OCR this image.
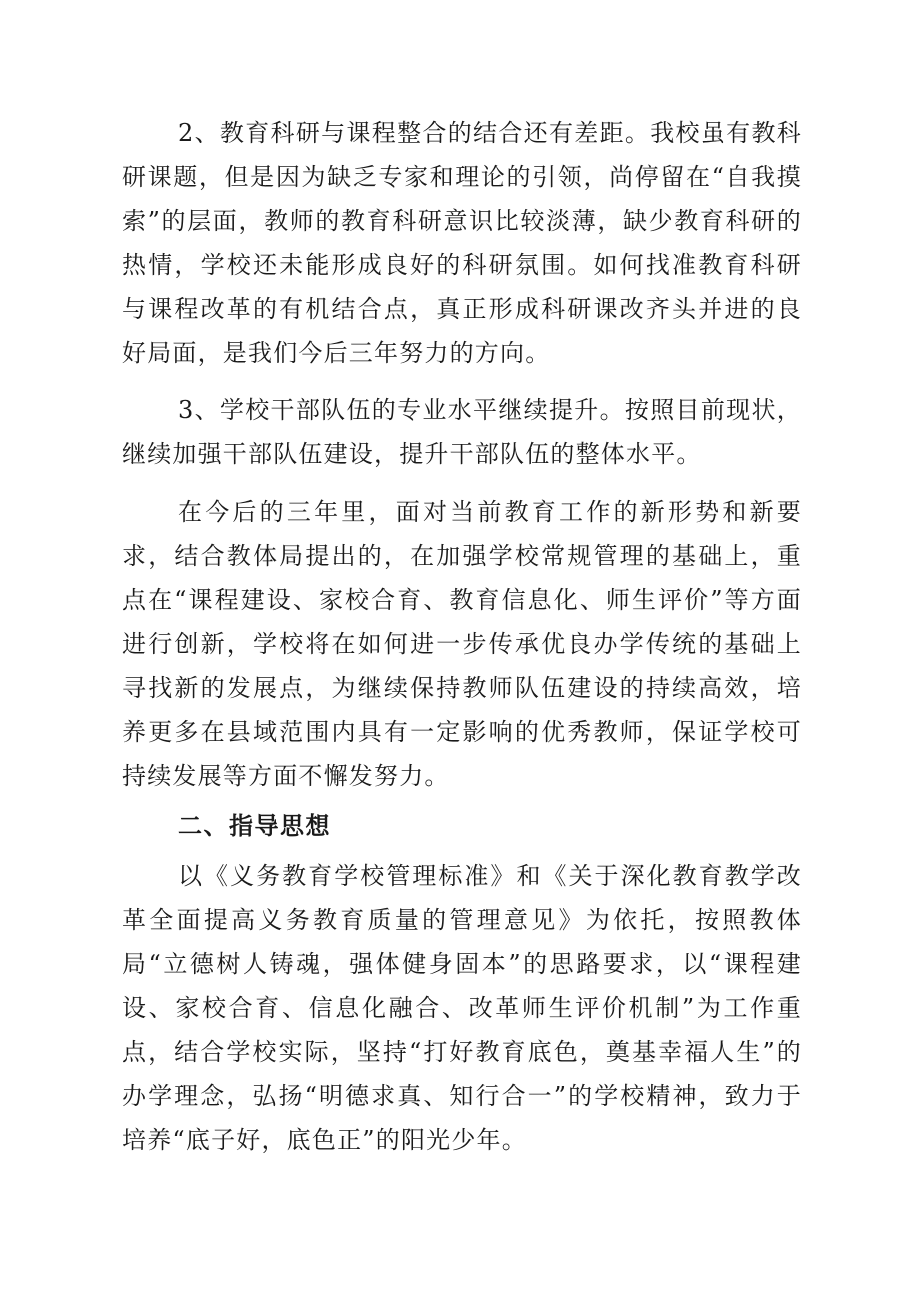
2、教育科研与课程整合的结合还有差距。我校虽有教科研课题，但是因为缺乏专家和理论的引领，尚停留在“自我摸索”的层面，教师的教育科研意识比较淡薄，缺少教育科研的热情，学校还未能形成良好的科研氛围。如何找准教育科研与课程改革的有机结合点，真正形成科研课改齐头并进的良好局面，是我们今后三年努力的方向。

3、学校干部队伍的专业水平继续提升。按照目前现状，继续加强干部队伍建设，提升干部队伍的整体水平。

在今后的三年里，面对当前教育工作的新形势和新要求，结合教体局提出的，在加强学校常规管理的基础上，重点在“课程建设、家校合育、教育信息化、师生评价”等方面进行创新，学校将在如何进一步传承优良办学传统的基础上寻找新的发展点，为继续保持教师队伍建设的持续高效，培养更多在县域范围内具有一定影响的优秀教师，保证学校可持续发展等方面不懈发努力。

二、指导思想

以《义务教育学校管理标准》和《关于深化教育教学改革全面提高义务教育质量的管理意见》为依托，按照教体局“立德树人铸魂，强体健身固本”的思路要求，以“课程建设、家校合育、信息化融合、改革师生评价机制”为工作重点，结合学校实际，坚持“打好教育底色，奠基幸福人生”的办学理念，弘扬“明德求真、知行合一”的学校精神，致力于培养“底子好，底色正”的阳光少年。
